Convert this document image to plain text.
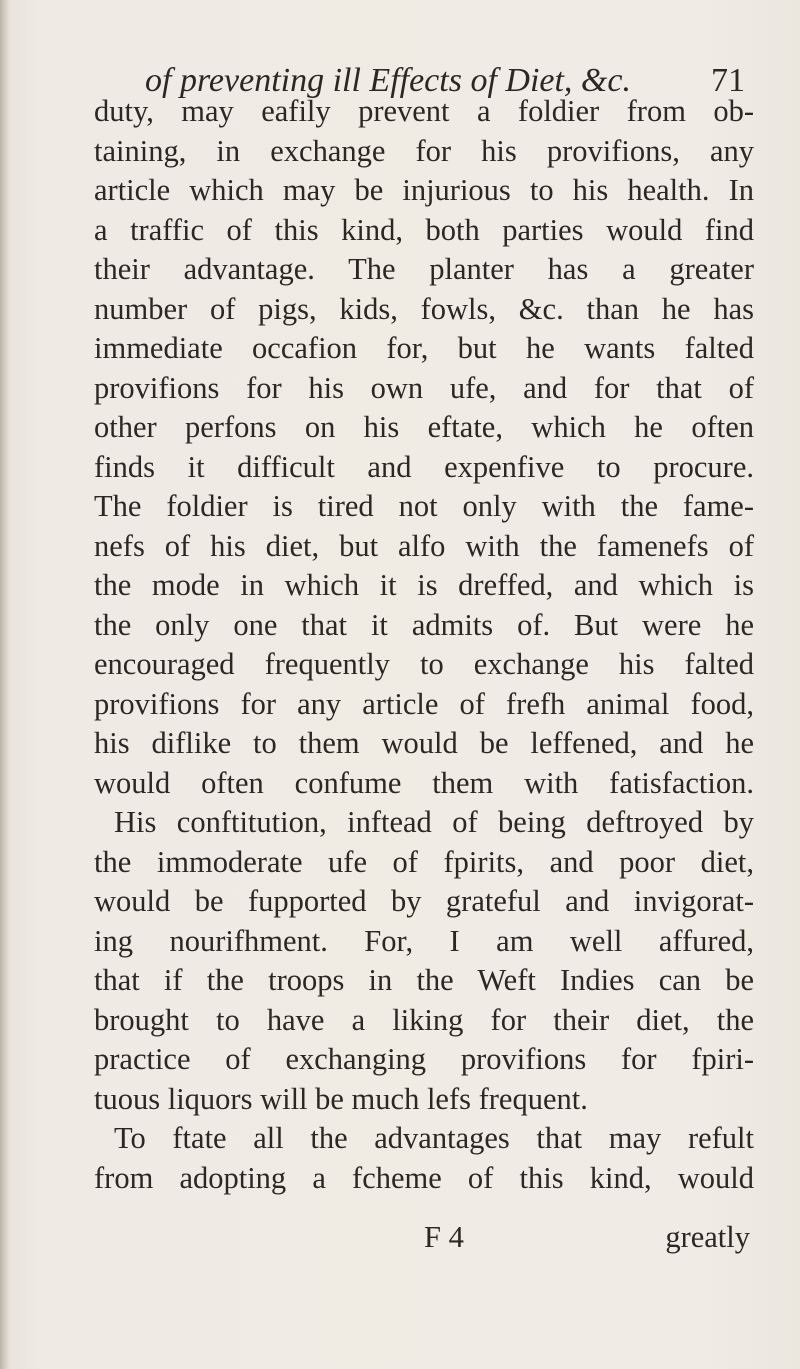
of preventing ill Effects of Diet, &c. 71
duty, may eafily prevent a foldier from ob-
taining, in exchange for his provifions, any
article which may be injurious to his health. In
a traffic of this kind, both parties would find
their advantage. The planter has a greater
number of pigs, kids, fowls, &c. than he has
immediate occafion for, but he wants falted
provifions for his own ufe, and for that of
other perfons on his eftate, which he often
finds it difficult and expenfive to procure.
The foldier is tired not only with the fame-
nefs of his diet, but alfo with the famenefs of
the mode in which it is dreffed, and which is
the only one that it admits of. But were he
encouraged frequently to exchange his falted
provifions for any article of frefh animal food,
his diflike to them would be leffened, and he
would often confume them with fatisfaction.
His conftitution, inftead of being deftroyed by
the immoderate ufe of fpirits, and poor diet,
would be fupported by grateful and invigorat-
ing nourifhment. For, I am well affured,
that if the troops in the Weft Indies can be
brought to have a liking for their diet, the
practice of exchanging provifions for fpiri-
tuous liquors will be much lefs frequent.
To ftate all the advantages that may refult
from adopting a fcheme of this kind, would
F 4	greatly
